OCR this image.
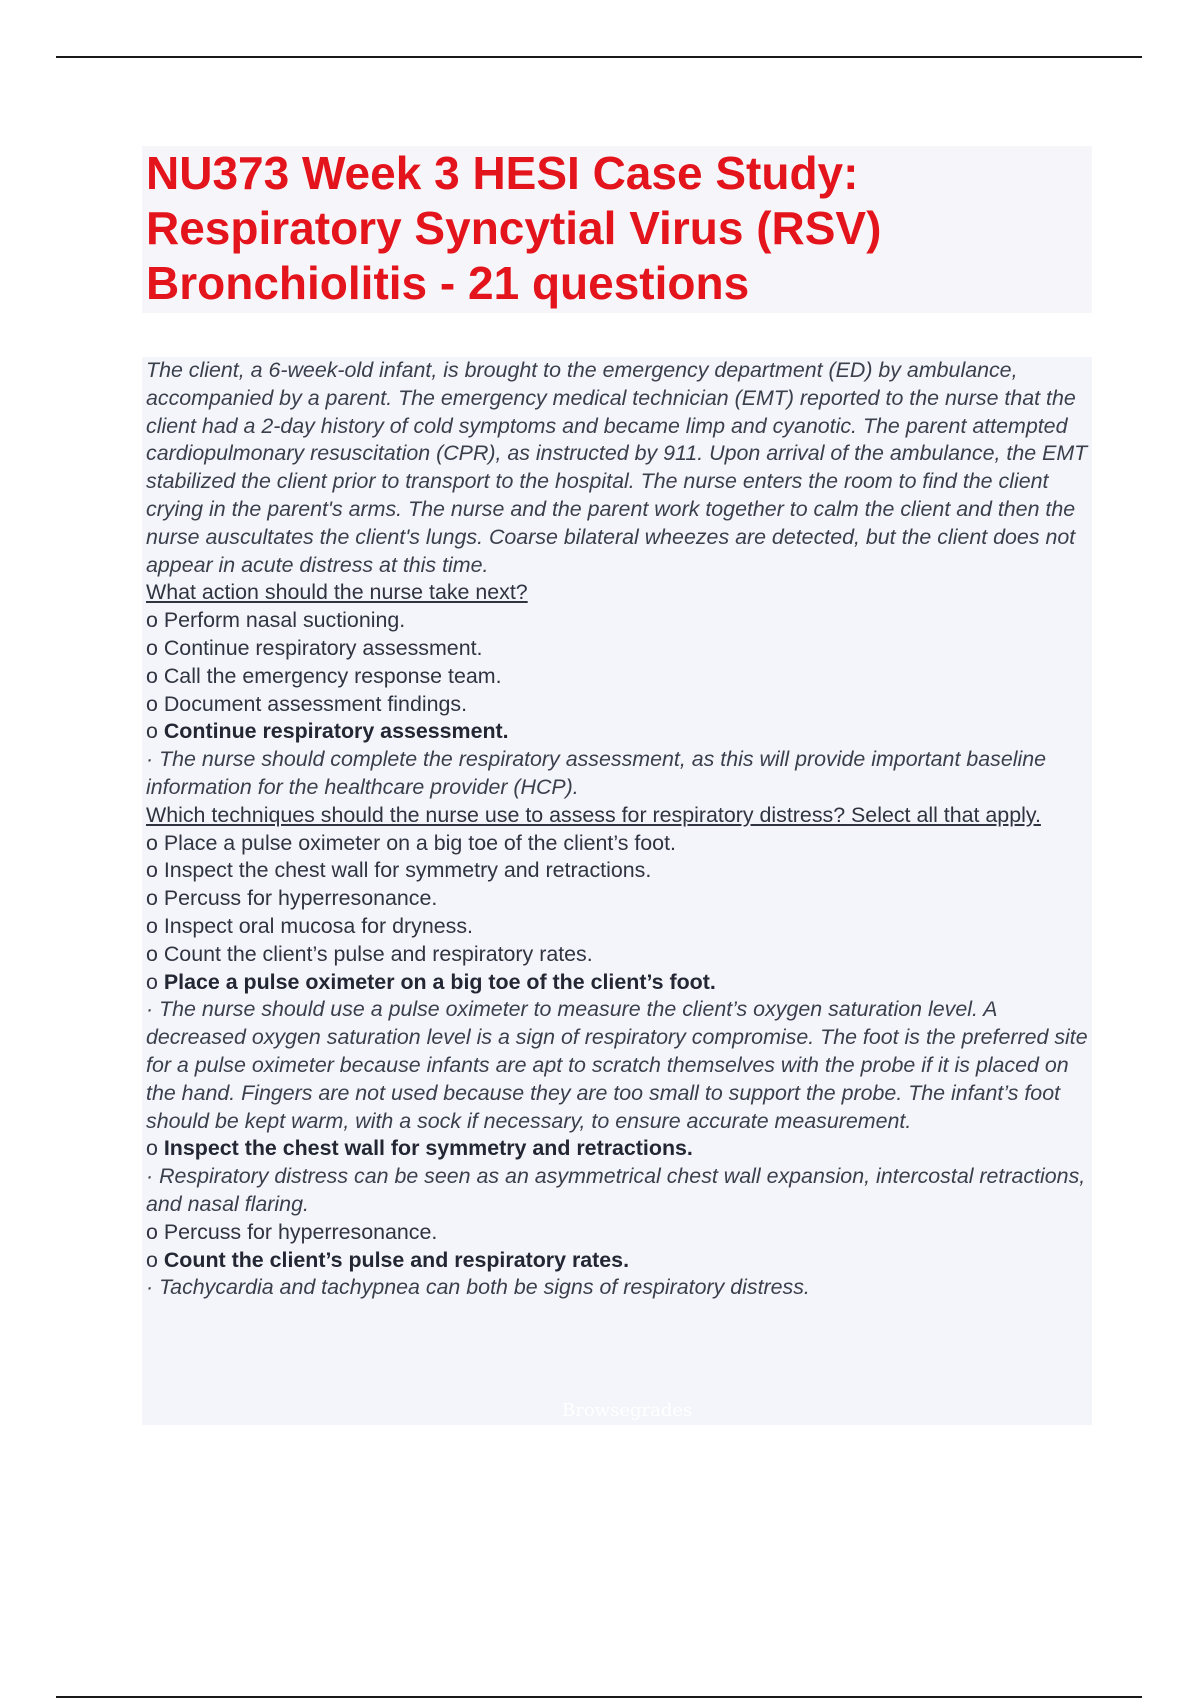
NU373 Week 3 HESI Case Study:
Respiratory Syncytial Virus (RSV)
Bronchiolitis - 21 questions

The client, a 6-week-old infant, is brought to the emergency department (ED) by ambulance, accompanied by a parent. The emergency medical technician (EMT) reported to the nurse that the client had a 2-day history of cold symptoms and became limp and cyanotic. The parent attempted cardiopulmonary resuscitation (CPR), as instructed by 911. Upon arrival of the ambulance, the EMT stabilized the client prior to transport to the hospital. The nurse enters the room to find the client crying in the parent's arms. The nurse and the parent work together to calm the client and then the nurse auscultates the client's lungs. Coarse bilateral wheezes are detected, but the client does not appear in acute distress at this time.

What action should the nurse take next?

o Perform nasal suctioning.

o Continue respiratory assessment.

o Call the emergency response team.

o Document assessment findings.

o Continue respiratory assessment.

· The nurse should complete the respiratory assessment, as this will provide important baseline information for the healthcare provider (HCP).

Which techniques should the nurse use to assess for respiratory distress? Select all that apply.

o Place a pulse oximeter on a big toe of the client’s foot.

o Inspect the chest wall for symmetry and retractions.

o Percuss for hyperresonance.

o Inspect oral mucosa for dryness.

o Count the client’s pulse and respiratory rates.

o Place a pulse oximeter on a big toe of the client’s foot.

· The nurse should use a pulse oximeter to measure the client’s oxygen saturation level. A decreased oxygen saturation level is a sign of respiratory compromise. The foot is the preferred site for a pulse oximeter because infants are apt to scratch themselves with the probe if it is placed on the hand. Fingers are not used because they are too small to support the probe. The infant’s foot should be kept warm, with a sock if necessary, to ensure accurate measurement.

o Inspect the chest wall for symmetry and retractions.

· Respiratory distress can be seen as an asymmetrical chest wall expansion, intercostal retractions, and nasal flaring.

o Percuss for hyperresonance.

o Count the client’s pulse and respiratory rates.

· Tachycardia and tachypnea can both be signs of respiratory distress.

Browsegrades
